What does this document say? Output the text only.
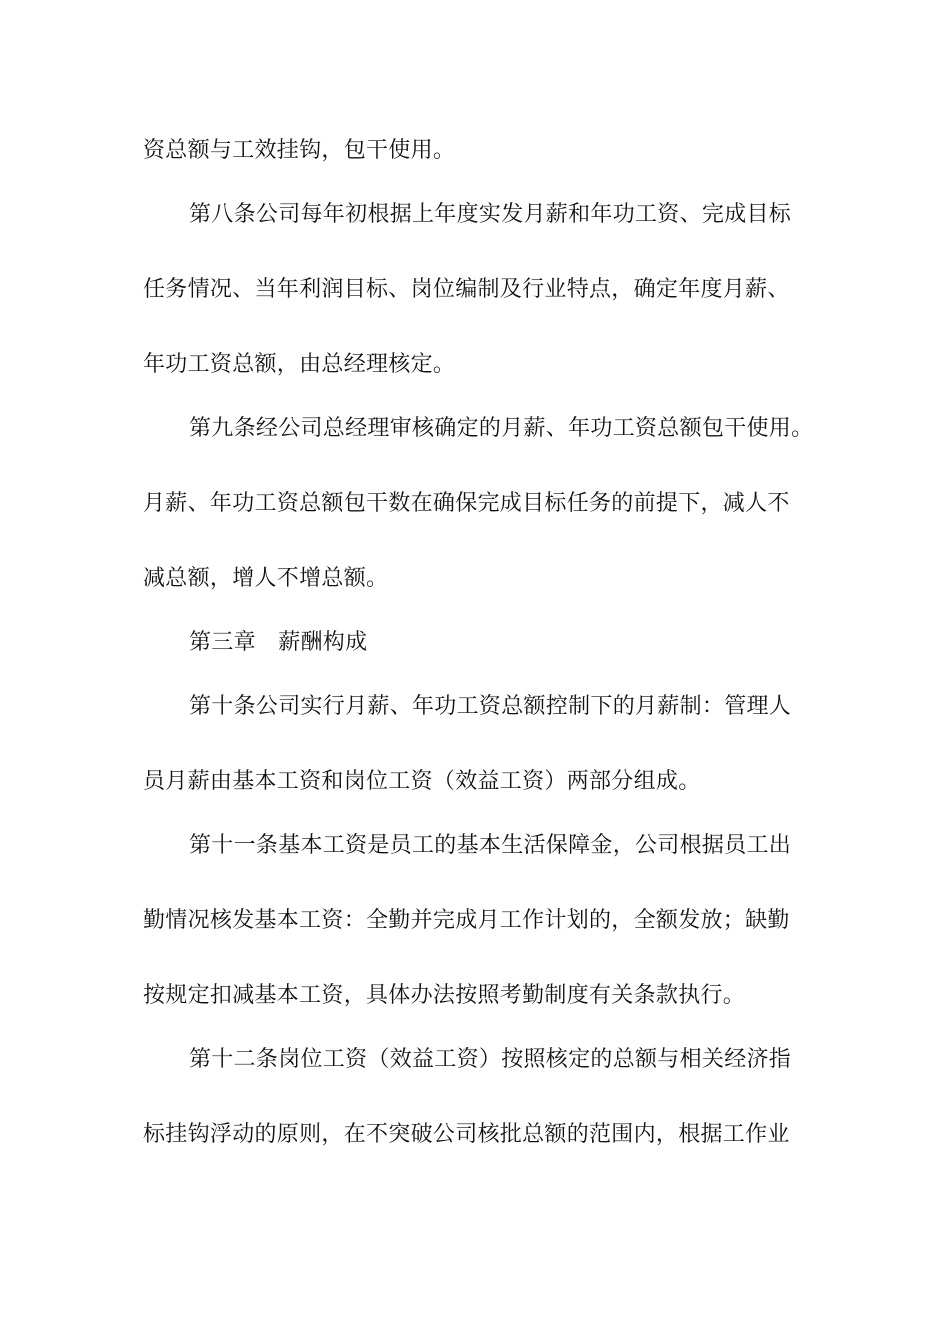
资总额与工效挂钩，包干使用。
第八条公司每年初根据上年度实发月薪和年功工资、完成目标
任务情况、当年利润目标、岗位编制及行业特点，确定年度月薪、
年功工资总额，由总经理核定。
第九条经公司总经理审核确定的月薪、年功工资总额包干使用。
月薪、年功工资总额包干数在确保完成目标任务的前提下，减人不
减总额，增人不增总额。
第三章　薪酬构成
第十条公司实行月薪、年功工资总额控制下的月薪制：管理人
员月薪由基本工资和岗位工资（效益工资）两部分组成。
第十一条基本工资是员工的基本生活保障金，公司根据员工出
勤情况核发基本工资：全勤并完成月工作计划的，全额发放；缺勤
按规定扣减基本工资，具体办法按照考勤制度有关条款执行。
第十二条岗位工资（效益工资）按照核定的总额与相关经济指
标挂钩浮动的原则，在不突破公司核批总额的范围内，根据工作业
